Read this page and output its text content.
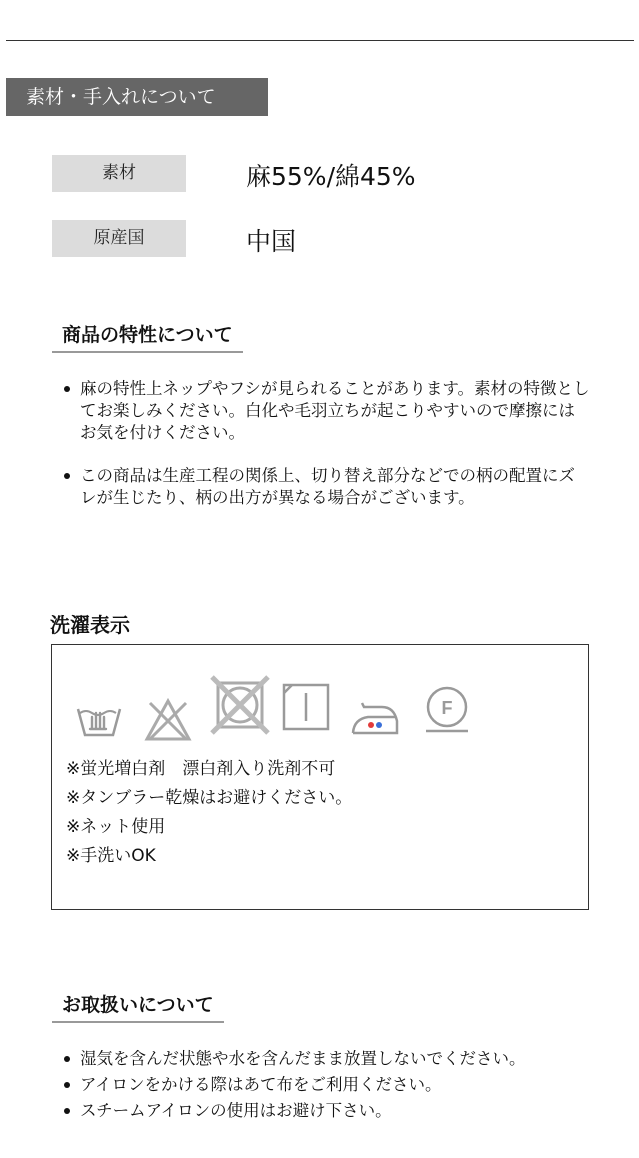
素材・手入れについて
素材	麻55%/綿45%
原産国	中国
商品の特性について
麻の特性上ネップやフシが見られることがあります。素材の特徴としてお楽しみください。白化や毛羽立ちが起こりやすいので摩擦にはお気を付けください。
この商品は生産工程の関係上、切り替え部分などでの柄の配置にズレが生じたり、柄の出方が異なる場合がございます。
洗濯表示
F
※蛍光増白剤　漂白剤入り洗剤不可
※タンブラー乾燥はお避けください。
※ネット使用
※手洗いOK
お取扱いについて
湿気を含んだ状態や水を含んだまま放置しないでください。
アイロンをかける際はあて布をご利用ください。
スチームアイロンの使用はお避け下さい。
